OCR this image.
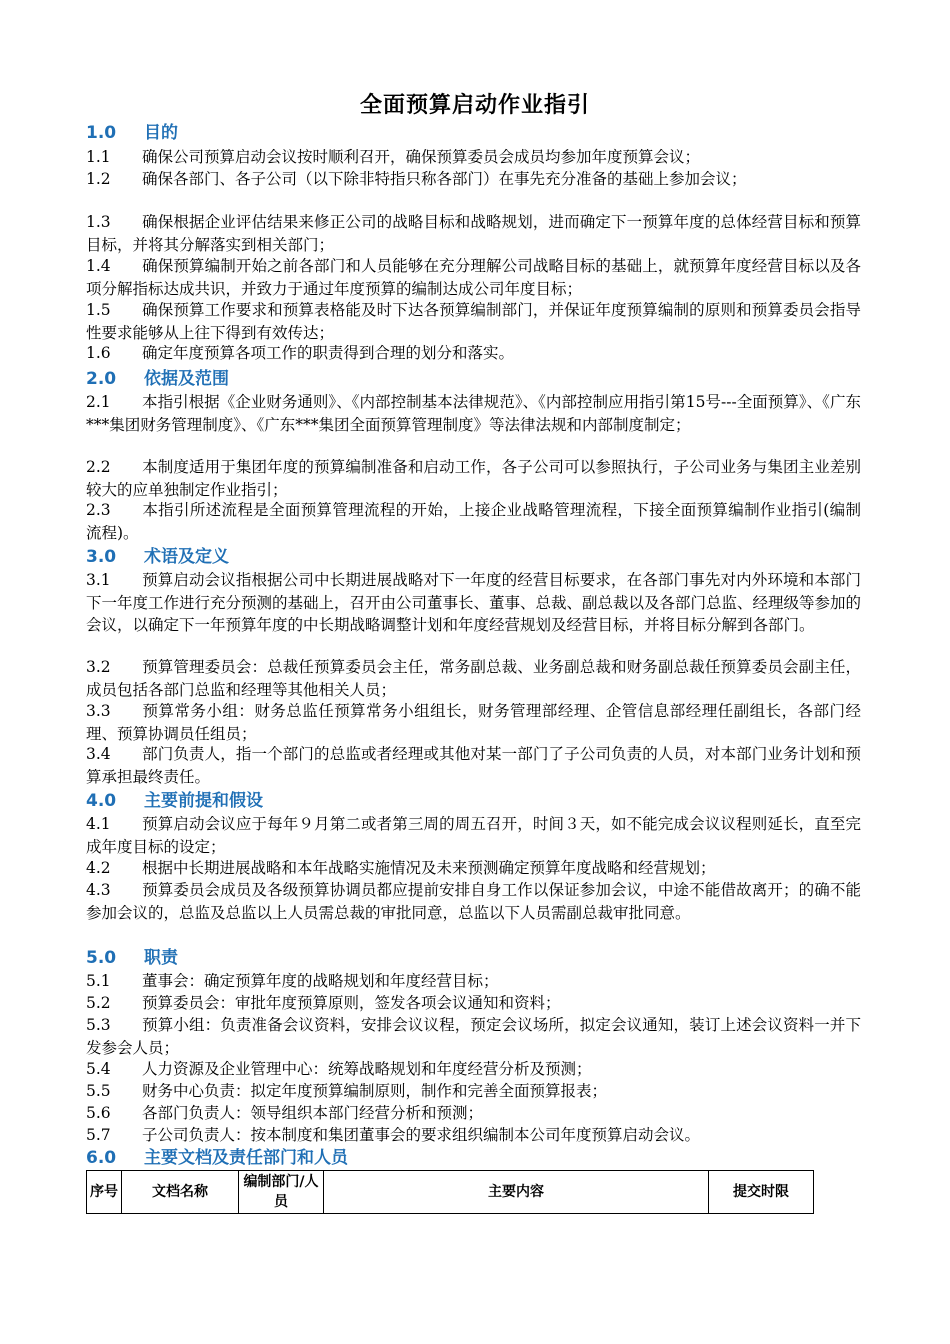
全面预算启动作业指引
1.0 目的
1.1 确保公司预算启动会议按时顺利召开，确保预算委员会成员均参加年度预算会议；
1.2 确保各部门、各子公司（以下除非特指只称各部门）在事先充分准备的基础上参加会议；
1.3 确保根据企业评估结果来修正公司的战略目标和战略规划，进而确定下一预算年度的总体经营目标和预算目标，并将其分解落实到相关部门；
1.4 确保预算编制开始之前各部门和人员能够在充分理解公司战略目标的基础上，就预算年度经营目标以及各项分解指标达成共识，并致力于通过年度预算的编制达成公司年度目标；
1.5 确保预算工作要求和预算表格能及时下达各预算编制部门，并保证年度预算编制的原则和预算委员会指导性要求能够从上往下得到有效传达；
1.6 确定年度预算各项工作的职责得到合理的划分和落实。
2.0 依据及范围
2.1 本指引根据《企业财务通则》、《内部控制基本法律规范》、《内部控制应用指引第15号---全面预算》、《广东***集团财务管理制度》、《广东***集团全面预算管理制度》等法律法规和内部制度制定；
2.2 本制度适用于集团年度的预算编制准备和启动工作，各子公司可以参照执行，子公司业务与集团主业差别较大的应单独制定作业指引；
2.3 本指引所述流程是全面预算管理流程的开始，上接企业战略管理流程，下接全面预算编制作业指引(编制流程)。
3.0 术语及定义
3.1 预算启动会议指根据公司中长期进展战略对下一年度的经营目标要求，在各部门事先对内外环境和本部门下一年度工作进行充分预测的基础上，召开由公司董事长、董事、总裁、副总裁以及各部门总监、经理级等参加的会议，以确定下一年预算年度的中长期战略调整计划和年度经营规划及经营目标，并将目标分解到各部门。
3.2 预算管理委员会：总裁任预算委员会主任，常务副总裁、业务副总裁和财务副总裁任预算委员会副主任，成员包括各部门总监和经理等其他相关人员；
3.3 预算常务小组：财务总监任预算常务小组组长，财务管理部经理、企管信息部经理任副组长，各部门经理、预算协调员任组员；
3.4 部门负责人，指一个部门的总监或者经理或其他对某一部门了子公司负责的人员，对本部门业务计划和预算承担最终责任。
4.0 主要前提和假设
4.1 预算启动会议应于每年９月第二或者第三周的周五召开，时间３天，如不能完成会议议程则延长，直至完成年度目标的设定；
4.2 根据中长期进展战略和本年战略实施情况及未来预测确定预算年度战略和经营规划；
4.3 预算委员会成员及各级预算协调员都应提前安排自身工作以保证参加会议，中途不能借故离开；的确不能参加会议的，总监及总监以上人员需总裁的审批同意，总监以下人员需副总裁审批同意。
5.0 职责
5.1 董事会：确定预算年度的战略规划和年度经营目标；
5.2 预算委员会：审批年度预算原则，签发各项会议通知和资料；
5.3 预算小组：负责准备会议资料，安排会议议程，预定会议场所，拟定会议通知，装订上述会议资料一并下发参会人员；
5.4 人力资源及企业管理中心：统筹战略规划和年度经营分析及预测；
5.5 财务中心负责：拟定年度预算编制原则，制作和完善全面预算报表；
5.6 各部门负责人：领导组织本部门经营分析和预测；
5.7 子公司负责人：按本制度和集团董事会的要求组织编制本公司年度预算启动会议。
6.0 主要文档及责任部门和人员
序号	文档名称	编制部门/人员	主要内容	提交时限
